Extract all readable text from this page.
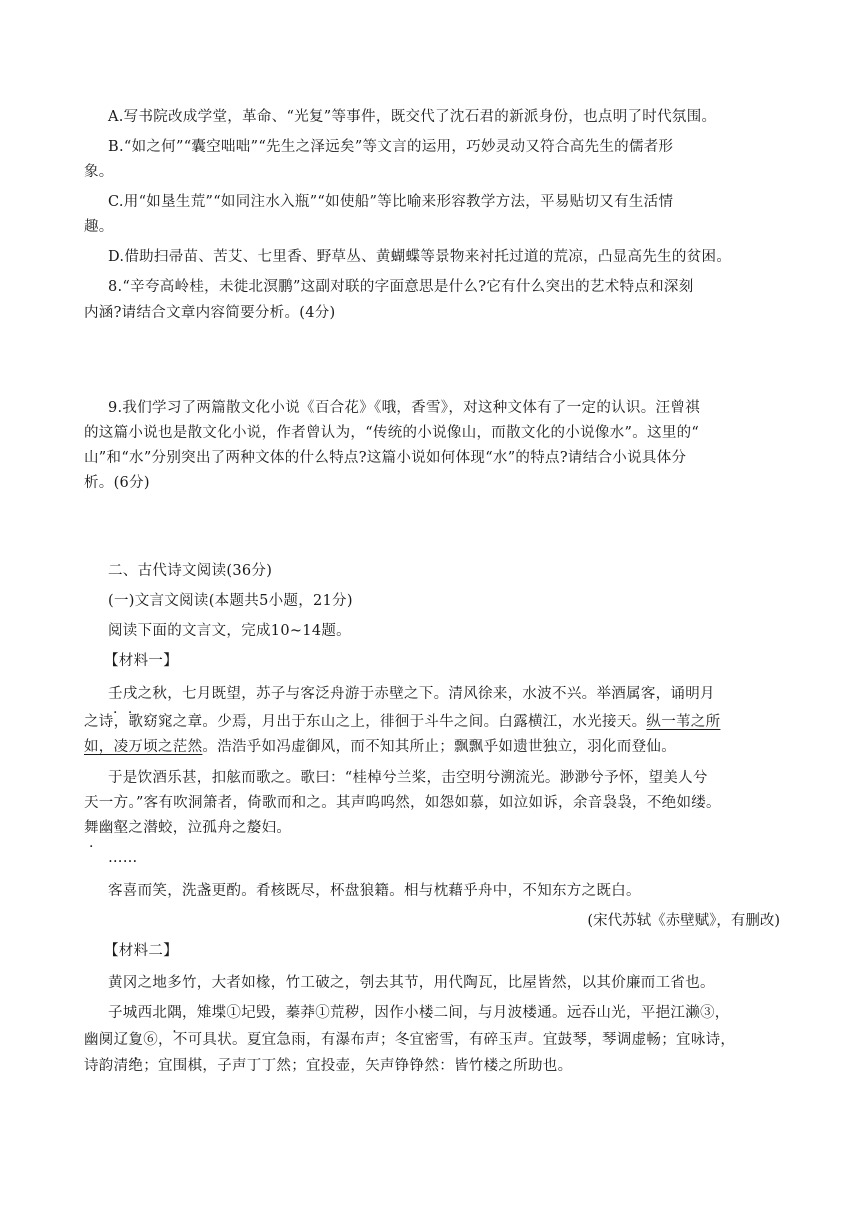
A.写书院改成学堂，革命、“光复”等事件，既交代了沈石君的新派身份，也点明了时代氛围。
B.“如之何”“囊空咄咄”“先生之泽远矣”等文言的运用，巧妙灵动又符合高先生的儒者形
象。
C.用“如垦生荒”“如同注水入瓶”“如使船”等比喻来形容教学方法，平易贴切又有生活情
趣。
D.借助扫帚苗、苦艾、七里香、野草丛、黄蝴蝶等景物来衬托过道的荒凉，凸显高先生的贫困。
8.“辛夸高岭桂，未徙北溟鹏”这副对联的字面意思是什么?它有什么突出的艺术特点和深刻
内涵?请结合文章内容简要分析。(4分)
9.我们学习了两篇散文化小说《百合花》《哦，香雪》，对这种文体有了一定的认识。汪曾祺
的这篇小说也是散文化小说，作者曾认为，“传统的小说像山，而散文化的小说像水”。这里的“
山”和“水”分别突出了两种文体的什么特点?这篇小说如何体现“水”的特点?请结合小说具体分
析。(6分)
二、古代诗文阅读(36分)
(一)文言文阅读(本题共5小题，21分)
阅读下面的文言文，完成10~14题。
【材料一】
壬戌之秋，七月既望，苏子与客泛舟游于赤壁之下。清风徐来，水波不兴。举酒属客，诵明月
之诗，歌窈窕之章。少焉，月出于东山之上，徘徊于斗牛之间。白露横江，水光接天。纵一苇之所
如，凌万顷之茫然。浩浩乎如冯虚御风，而不知其所止；飘飘乎如遗世独立，羽化而登仙。
于是饮酒乐甚，扣舷而歌之。歌曰：“桂棹兮兰桨，击空明兮溯流光。渺渺兮予怀，望美人兮
天一方。”客有吹洞箫者，倚歌而和之。其声呜呜然，如怨如慕，如泣如诉，余音袅袅，不绝如缕。
舞幽壑之潜蛟，泣孤舟之嫠妇。
……
客喜而笑，洗盏更酌。肴核既尽，杯盘狼籍。相与枕藉乎舟中，不知东方之既白。
(宋代苏轼《赤壁赋》，有删改)
【材料二】
黄冈之地多竹，大者如椽，竹工破之，刳去其节，用代陶瓦，比屋皆然，以其价廉而工省也。
子城西北隅，雉堞①圮毁，蓁莽①荒秽，因作小楼二间，与月波楼通。远吞山光，平挹江濑③，
幽阒辽夐⑥，不可具状。夏宜急雨，有瀑布声；冬宜密雪，有碎玉声。宜鼓琴，琴调虚畅；宜咏诗，
诗韵清绝；宜围棋，子声丁丁然；宜投壶，矢声铮铮然：皆竹楼之所助也。
